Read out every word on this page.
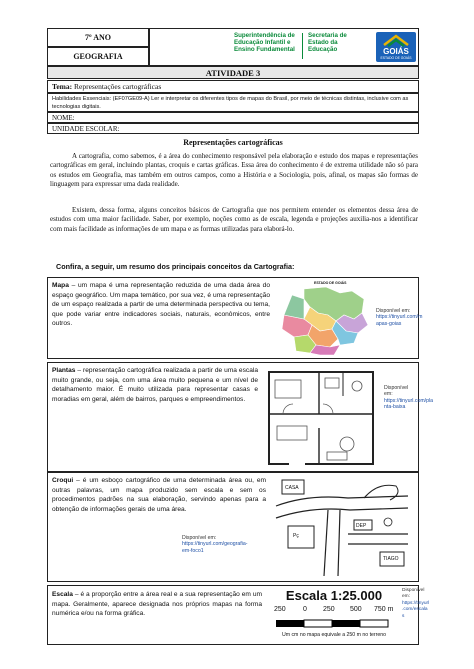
7º ANO
GEOGRAFIA
Superintendência de
Educação Infantil e
Ensino Fundamental
Secretaria de
Estado da
Educação	GOIÁS
ESTADO DE GOIÁS
ATIVIDADE 3
Tema: Representações cartográficas
Habilidades Essenciais: (EF07GE09-A) Ler e interpretar os diferentes tipos de mapas do Brasil, por meio de técnicas distintas, inclusive com as tecnologias digitais.
NOME:
UNIDADE ESCOLAR:
Representações cartográficas
A cartografia, como sabemos, é a área do conhecimento responsável pela elaboração e estudo dos mapas e representações cartográficas em geral, incluindo plantas, croquis e cartas gráficas. Essa área do conhecimento é de extrema utilidade não só para os estudos em Geografia, mas também em outros campos, como a História e a Sociologia, pois, afinal, os mapas são formas de linguagem para expressar uma dada realidade.
Existem, dessa forma, alguns conceitos básicos de Cartografia que nos permitem entender os elementos dessa área de estudos com uma maior facilidade. Saber, por exemplo, noções como as de escala, legenda e projeções auxilia-nos a identificar com mais facilidade as informações de um mapa e as formas utilizadas para elaborá-lo.
Confira, a seguir, um resumo dos principais conceitos da Cartografia:
Mapa – um mapa é uma representação reduzida de uma dada área do espaço geográfico. Um mapa temático, por sua vez, é uma representação de um espaço realizada a partir de uma determinada perspectiva ou tema, que pode variar entre indicadores sociais, naturais, econômicos, entre outros.
ESTADO DE GOIÁS
Disponível em:
https://tinyurl.com/m
apas-goias
Plantas – representação cartográfica realizada a partir de uma escala muito grande, ou seja, com uma área muito pequena e um nível de detalhamento maior. É muito utilizada para representar casas e moradias em geral, além de bairros, parques e empreendimentos.
Disponível em:
https://tinyurl.com/pla
nta-baixa
Croqui – é um esboço cartográfico de uma determinada área ou, em outras palavras, um mapa produzido sem escala e sem os procedimentos padrões na sua elaboração, servindo apenas para a obtenção de informações gerais de uma área.
CASA
Pç
DEP
TIAGO
Disponível em:
https://tinyurl.com/geografia-
em-foco1
Escala – é a proporção entre a área real e a sua representação em um mapa. Geralmente, aparece designada nos próprios mapas na forma numérica e/ou na forma gráfica.
Escala 1:25.000
250 0 250 500 750 m
Um cm no mapa equivale a 250 m no terreno
Disponível
em:
https://tinyurl
.com/escala
s
